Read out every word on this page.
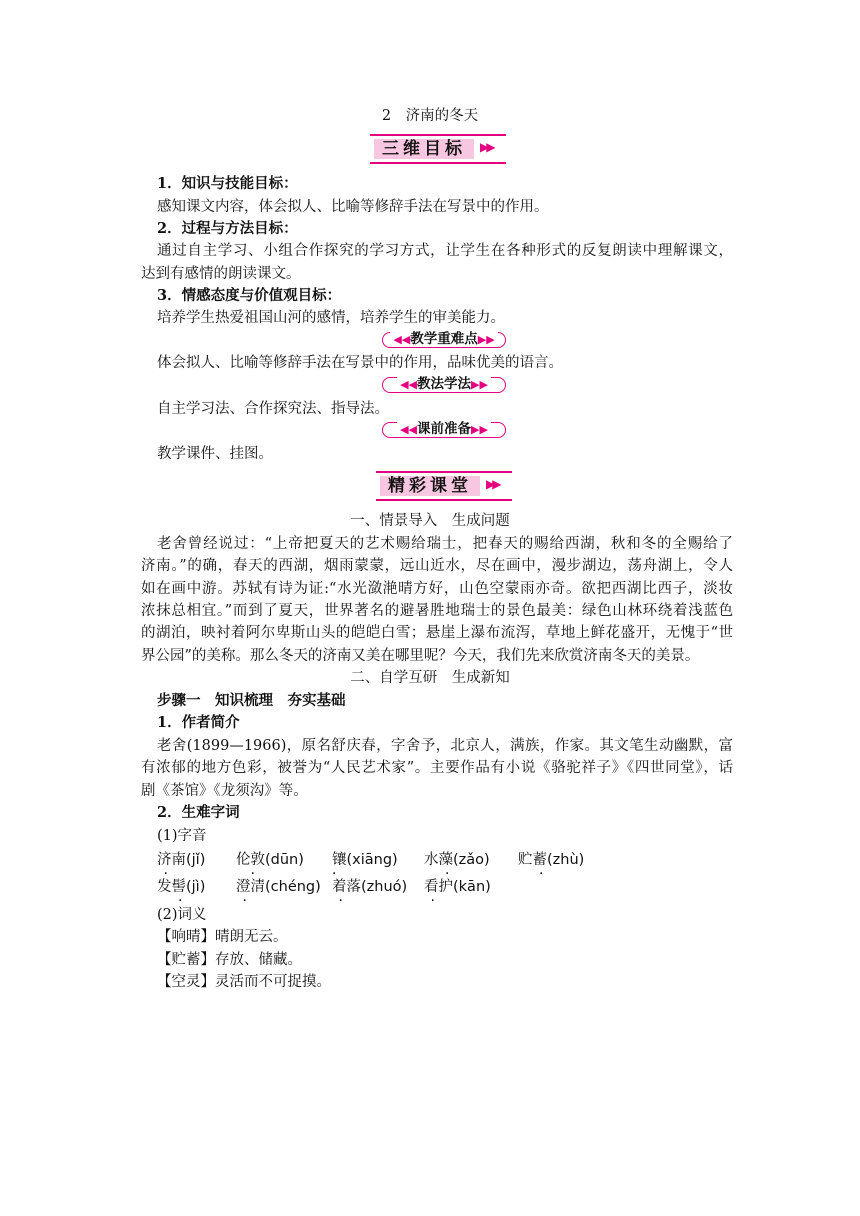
2　济南的冬天
三维目标	▶▶
1．知识与技能目标：
感知课文内容，体会拟人、比喻等修辞手法在写景中的作用。
2．过程与方法目标：
通过自主学习、小组合作探究的学习方式，让学生在各种形式的反复朗读中理解课文，
达到有感情的朗读课文。
3．情感态度与价值观目标：
培养学生热爱祖国山河的感情，培养学生的审美能力。
◀◀教学重难点▶▶
体会拟人、比喻等修辞手法在写景中的作用，品味优美的语言。
◀◀教法学法▶▶
自主学习法、合作探究法、指导法。
◀◀课前准备▶▶
教学课件、挂图。
精彩课堂	▶▶
一、情景导入　生成问题
老舍曾经说过：“上帝把夏天的艺术赐给瑞士，把春天的赐给西湖，秋和冬的全赐给了
济南。”的确，春天的西湖，烟雨蒙蒙，远山近水，尽在画中，漫步湖边，荡舟湖上，令人
如在画中游。苏轼有诗为证:“水光潋滟晴方好，山色空蒙雨亦奇。欲把西湖比西子，淡妆
浓抹总相宜。”而到了夏天，世界著名的避暑胜地瑞士的景色最美：绿色山林环绕着浅蓝色
的湖泊，映衬着阿尔卑斯山头的皑皑白雪；悬崖上瀑布流泻，草地上鲜花盛开，无愧于“世
界公园”的美称。那么冬天的济南又美在哪里呢？今天，我们先来欣赏济南冬天的美景。
二、自学互研　生成新知
步骤一　知识梳理　夯实基础
1．作者简介
老舍(1899—1966)，原名舒庆春，字舍予，北京人，满族，作家。其文笔生动幽默，富
有浓郁的地方色彩，被誉为“人民艺术家”。主要作品有小说《骆驼祥子》《四世同堂》，话
剧《茶馆》《龙须沟》等。
2．生难字词
(1)字音
济南(jǐ) 伦敦(dūn) 镶(xiāng) 水藻(zǎo) 贮蓄(zhù)
发髻(jì) 澄清(chéng) 着落(zhuó) 看护(kān)
(2)词义
【响晴】晴朗无云。
【贮蓄】存放、储藏。
【空灵】灵活而不可捉摸。
